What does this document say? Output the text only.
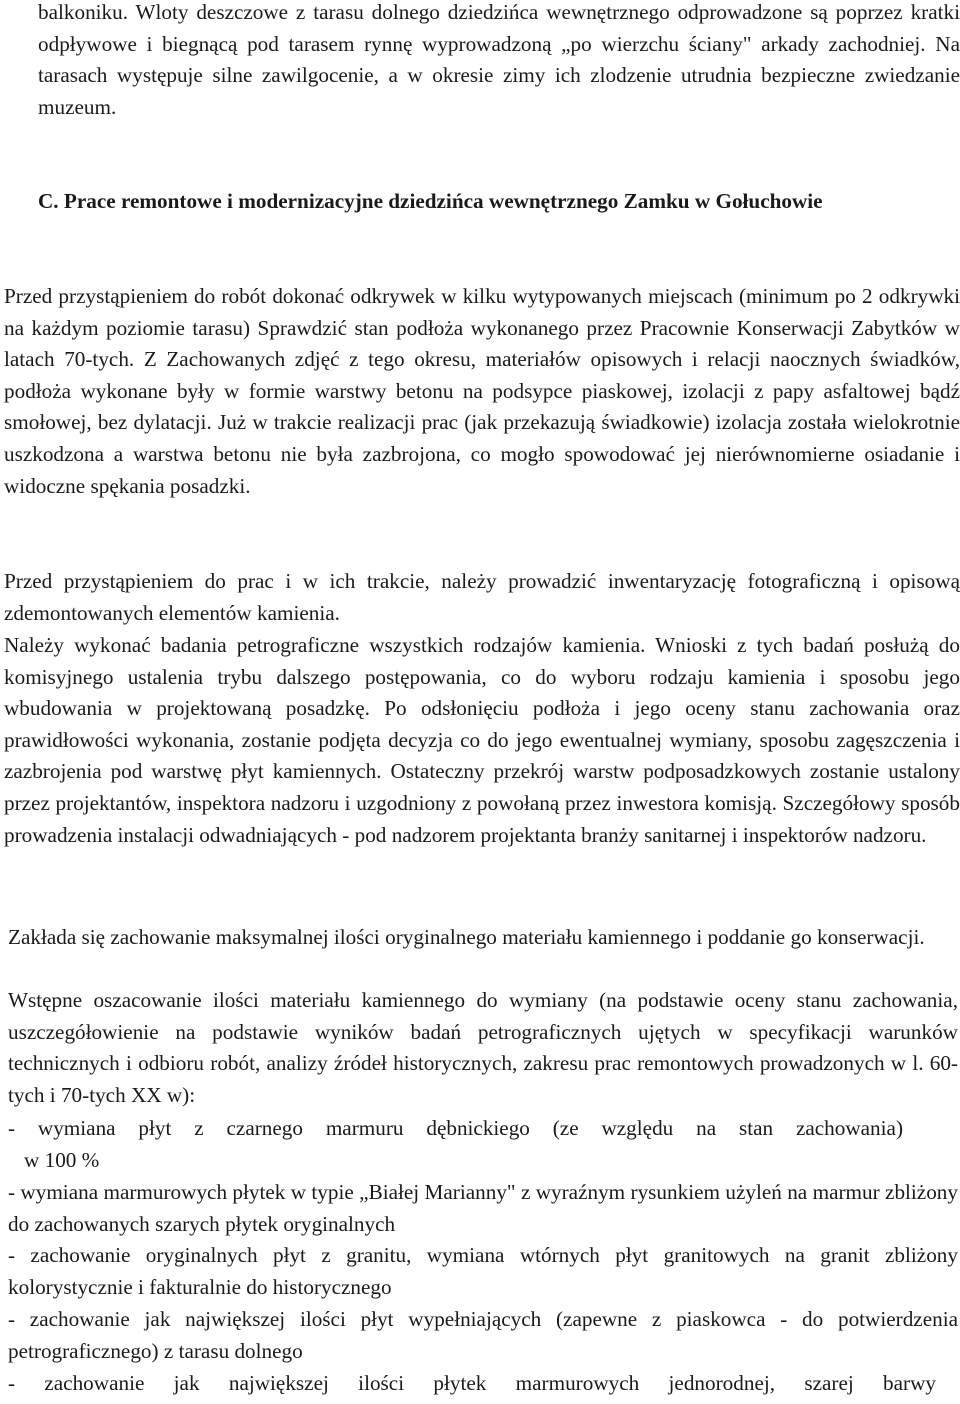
balkoniku. Wloty deszczowe z tarasu dolnego dziedzińca wewnętrznego odprowadzone są poprzez kratki odpływowe i biegnącą pod tarasem rynnę wyprowadzoną „po wierzchu ściany" arkady zachodniej. Na tarasach występuje silne zawilgocenie, a w okresie zimy ich zlodzenie utrudnia bezpieczne zwiedzanie muzeum.

C. Prace remontowe i modernizacyjne dziedzińca wewnętrznego Zamku w Gołuchowie

Przed przystąpieniem do robót dokonać odkrywek w kilku wytypowanych miejscach (minimum po 2 odkrywki na każdym poziomie tarasu) Sprawdzić stan podłoża wykonanego przez Pracownie Konserwacji Zabytków w latach 70-tych. Z Zachowanych zdjęć z tego okresu, materiałów opisowych i relacji naocznych świadków, podłoża wykonane były w formie warstwy betonu na podsypce piaskowej, izolacji z papy asfaltowej bądź smołowej, bez dylatacji. Już w trakcie realizacji prac (jak przekazują świadkowie) izolacja została wielokrotnie uszkodzona a warstwa betonu nie była zazbrojona, co mogło spowodować jej nierównomierne osiadanie i widoczne spękania posadzki.

Przed przystąpieniem do prac i w ich trakcie, należy prowadzić inwentaryzację fotograficzną i opisową zdemontowanych elementów kamienia.

Należy wykonać badania petrograficzne wszystkich rodzajów kamienia. Wnioski z tych badań posłużą do komisyjnego ustalenia trybu dalszego postępowania, co do wyboru rodzaju kamienia i sposobu jego wbudowania w projektowaną posadzkę. Po odsłonięciu podłoża i jego oceny stanu zachowania oraz prawidłowości wykonania, zostanie podjęta decyzja co do jego ewentualnej wymiany, sposobu zagęszczenia i zazbrojenia pod warstwę płyt kamiennych. Ostateczny przekrój warstw podposadzkowych zostanie ustalony przez projektantów, inspektora nadzoru i uzgodniony z powołaną przez inwestora komisją. Szczegółowy sposób prowadzenia instalacji odwadniających - pod nadzorem projektanta branży sanitarnej i inspektorów nadzoru.

Zakłada się zachowanie maksymalnej ilości oryginalnego materiału kamiennego i poddanie go konserwacji.

Wstępne oszacowanie ilości materiału kamiennego do wymiany (na podstawie oceny stanu zachowania, uszczegółowienie na podstawie wyników badań petrograficznych ujętych w specyfikacji warunków technicznych i odbioru robót, analizy źródeł historycznych, zakresu prac remontowych prowadzonych w l. 60-tych i 70-tych XX w):

- wymiana płyt z czarnego marmuru dębnickiego (ze względu na stan zachowania)

w 100 %

- wymiana marmurowych płytek w typie „Białej Marianny" z wyraźnym rysunkiem użyleń na marmur zbliżony do zachowanych szarych płytek oryginalnych

- zachowanie oryginalnych płyt z granitu, wymiana wtórnych płyt granitowych na granit zbliżony kolorystycznie i fakturalnie do historycznego

- zachowanie jak największej ilości płyt wypełniających (zapewne z piaskowca - do potwierdzenia petrograficznego) z tarasu dolnego

- zachowanie jak największej ilości płytek marmurowych jednorodnej, szarej barwy
